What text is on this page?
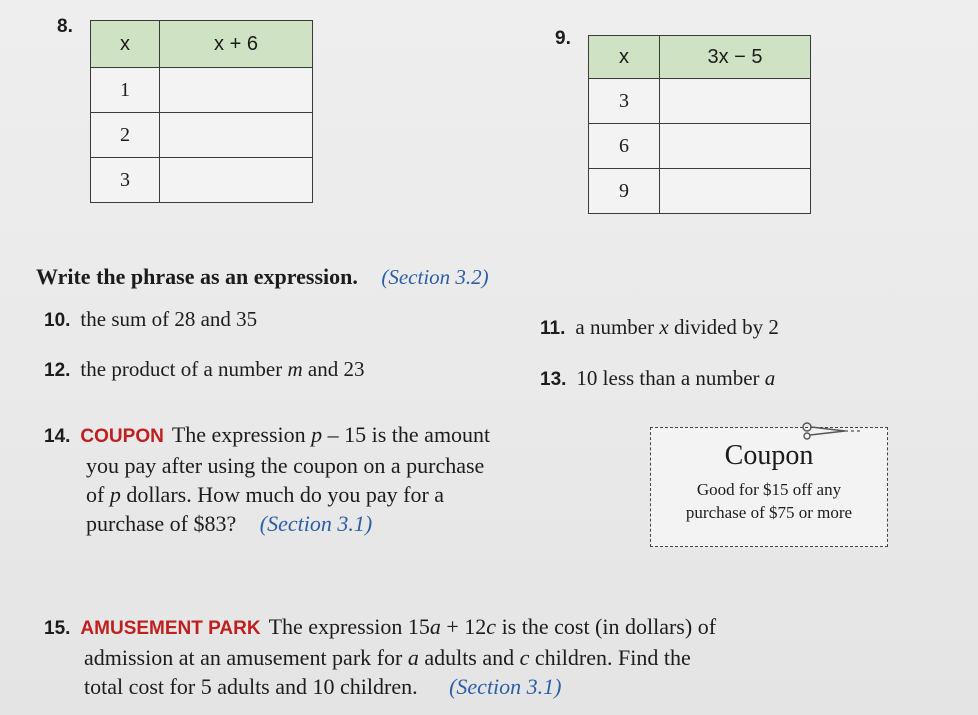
8.
x	x + 6
1	
2	
3	
9.
x	3x − 5
3	
6	
9	
Write the phrase as an expression. (Section 3.2)
10. the sum of 28 and 35	11. a number x divided by 2
12. the product of a number m and 23	13. 10 less than a number a
14. COUPON The expression p – 15 is the amount
you pay after using the coupon on a purchase
of p dollars. How much do you pay for a
purchase of $83? (Section 3.1)
Coupon
Good for $15 off any
purchase of $75 or more
15. AMUSEMENT PARK The expression 15a + 12c is the cost (in dollars) of
admission at an amusement park for a adults and c children. Find the
total cost for 5 adults and 10 children. (Section 3.1)
